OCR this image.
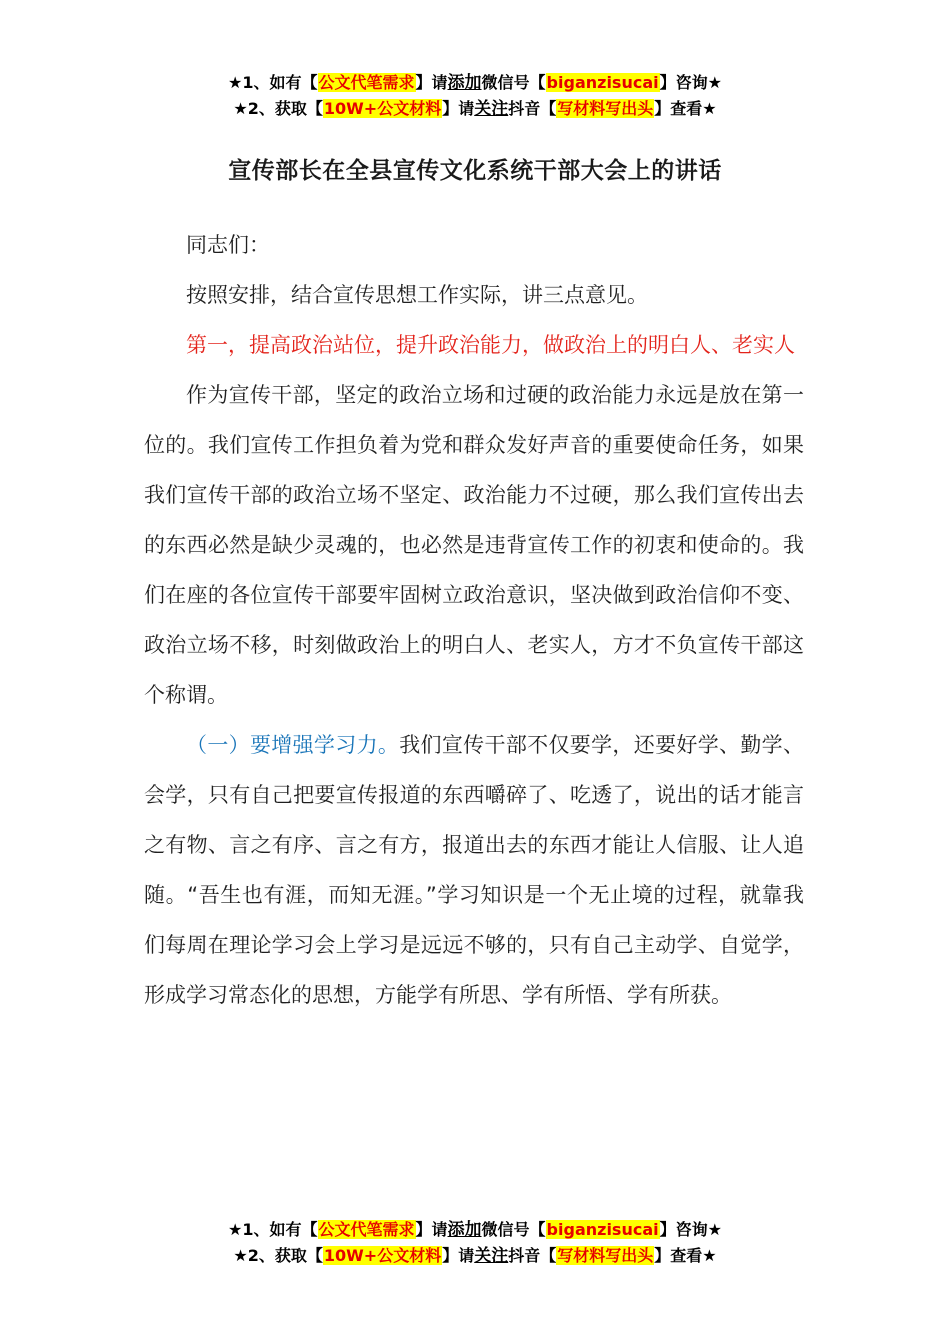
★1、如有【公文代笔需求】请添加微信号【biganzisucai】咨询★
★2、获取【10W+公文材料】请关注抖音【写材料写出头】查看★
宣传部长在全县宣传文化系统干部大会上的讲话

同志们：

按照安排，结合宣传思想工作实际，讲三点意见。

第一，提高政治站位，提升政治能力，做政治上的明白人、老实人

作为宣传干部，坚定的政治立场和过硬的政治能力永远是放在第一位的。我们宣传工作担负着为党和群众发好声音的重要使命任务，如果我们宣传干部的政治立场不坚定、政治能力不过硬，那么我们宣传出去的东西必然是缺少灵魂的，也必然是违背宣传工作的初衷和使命的。我们在座的各位宣传干部要牢固树立政治意识，坚决做到政治信仰不变、政治立场不移，时刻做政治上的明白人、老实人，方才不负宣传干部这个称谓。

（一）要增强学习力。我们宣传干部不仅要学，还要好学、勤学、会学，只有自己把要宣传报道的东西嚼碎了、吃透了，说出的话才能言之有物、言之有序、言之有方，报道出去的东西才能让人信服、让人追随。“吾生也有涯，而知无涯。”学习知识是一个无止境的过程，就靠我们每周在理论学习会上学习是远远不够的，只有自己主动学、自觉学，形成学习常态化的思想，方能学有所思、学有所悟、学有所获。

★1、如有【公文代笔需求】请添加微信号【biganzisucai】咨询★
★2、获取【10W+公文材料】请关注抖音【写材料写出头】查看★
